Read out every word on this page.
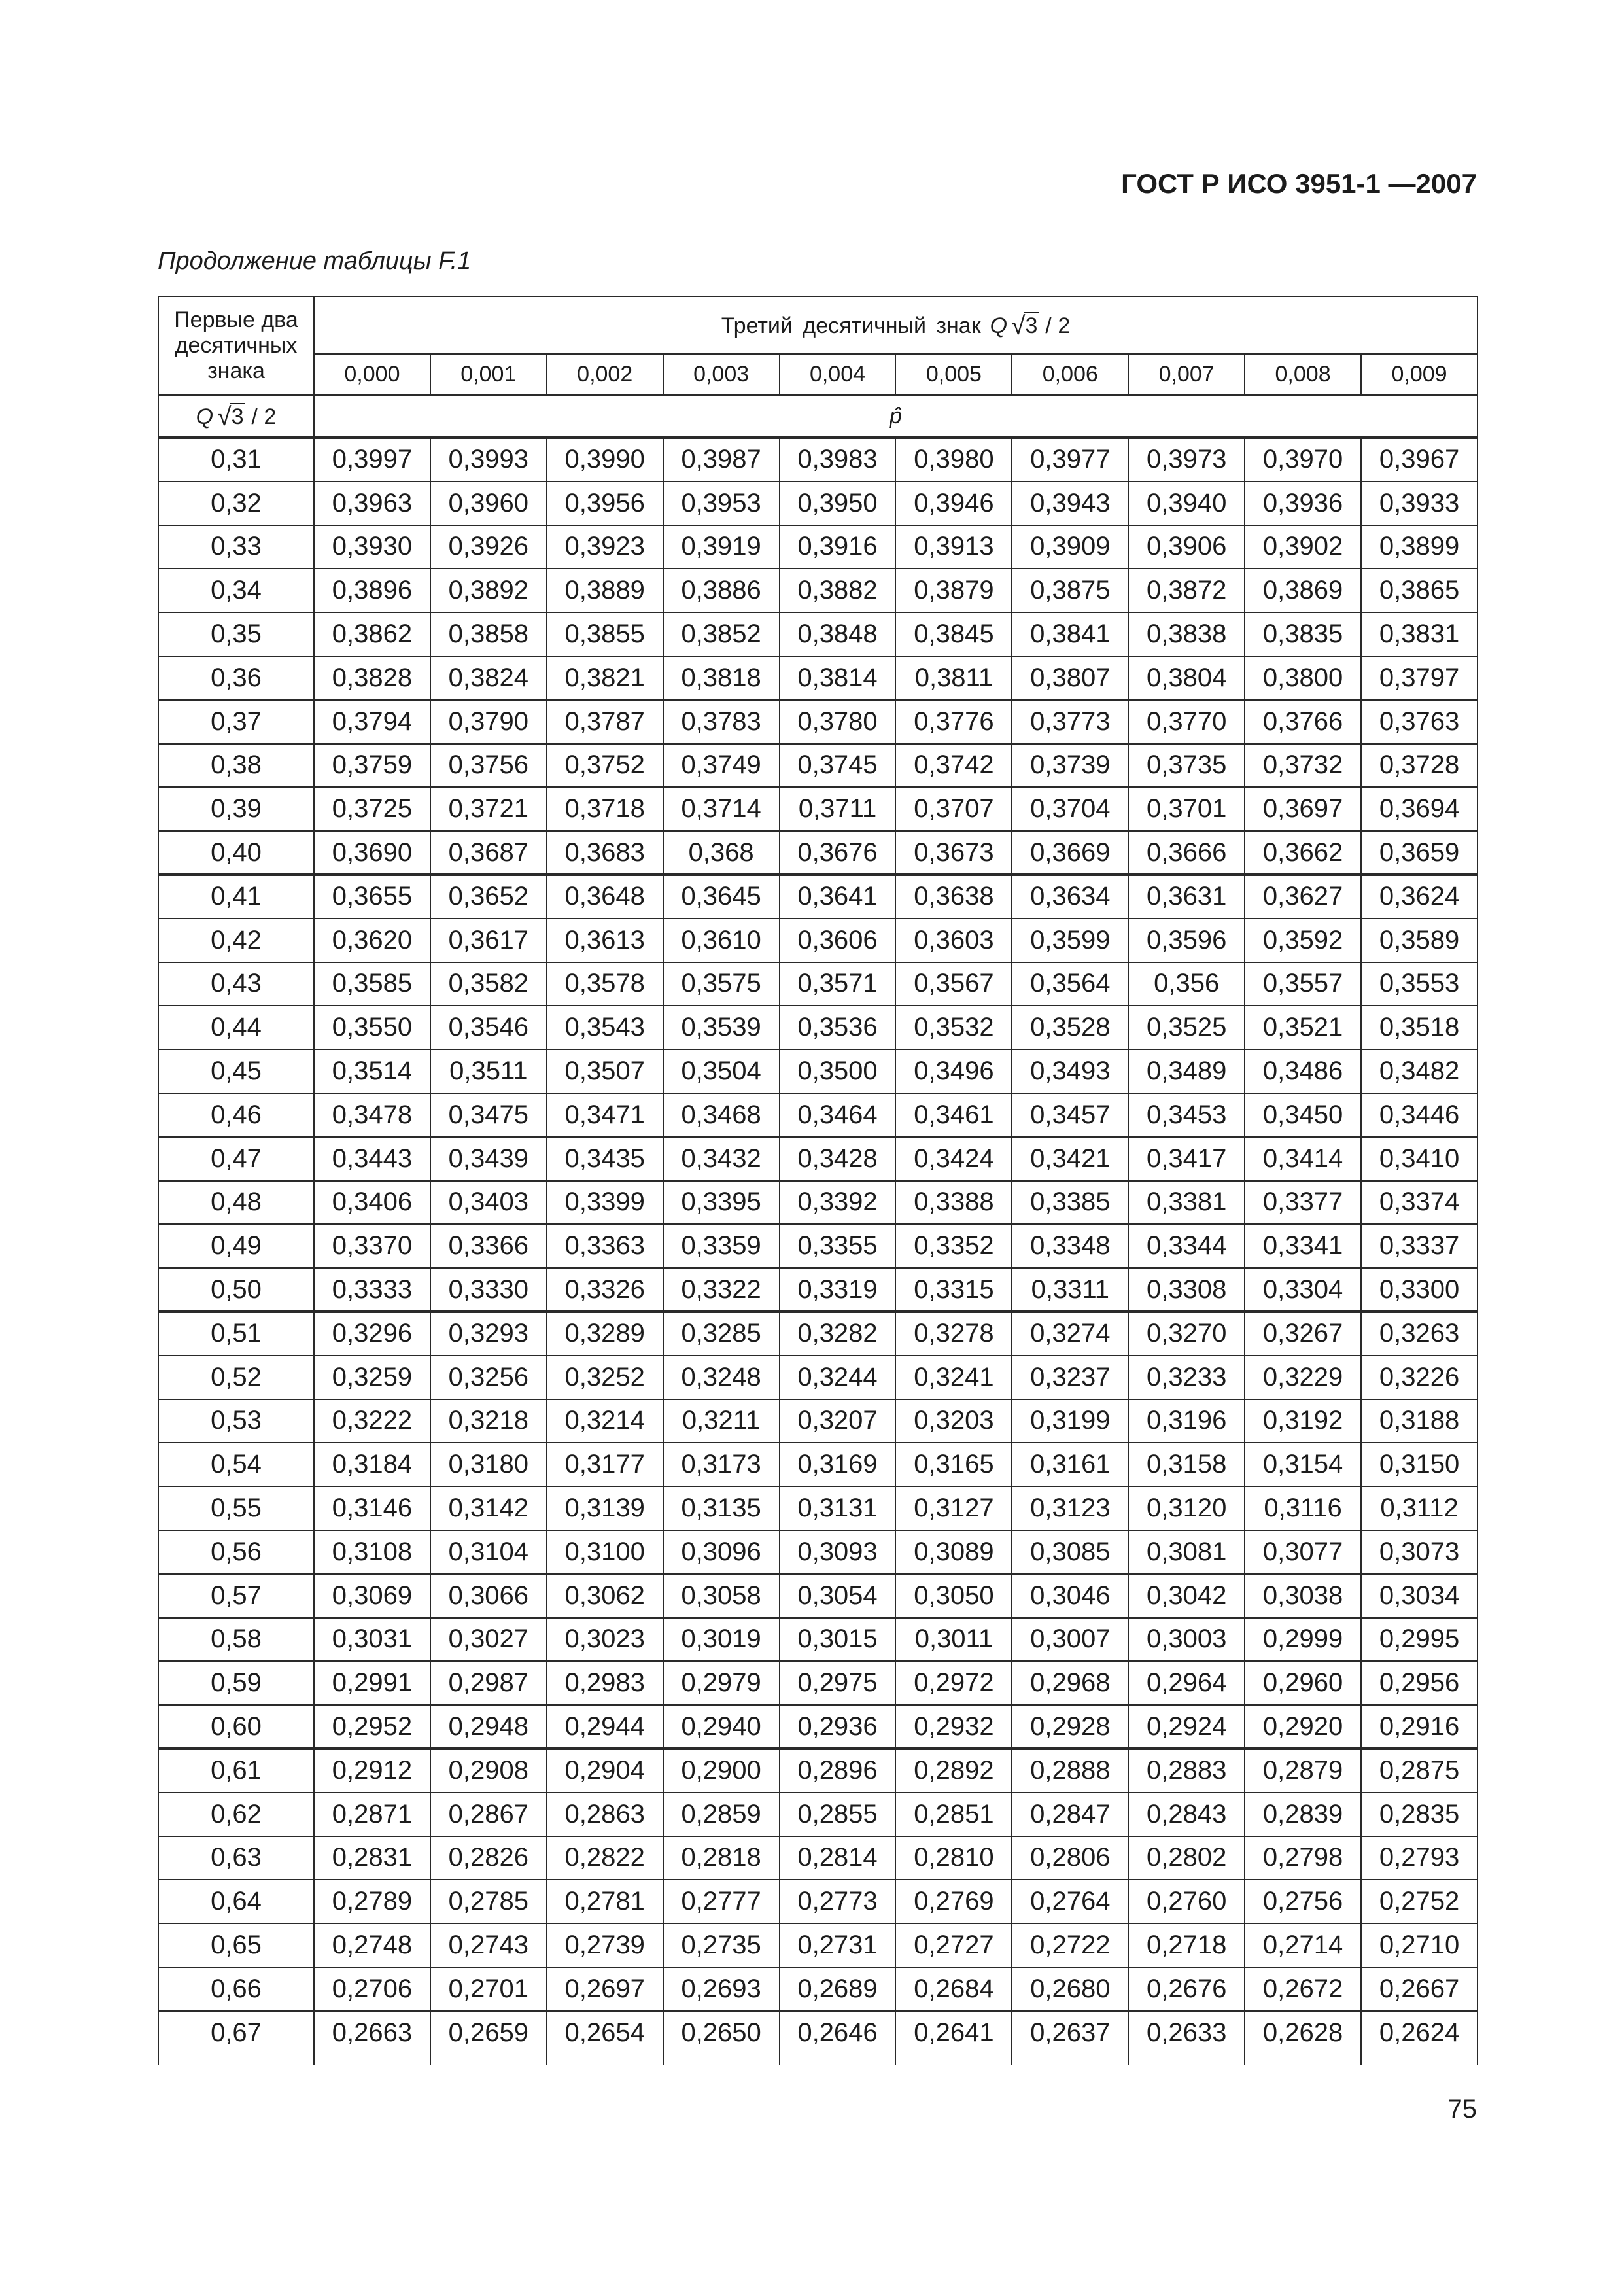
ГОСТ Р ИСО 3951-1 —2007
Продолжение таблицы F.1
Первые два десятичных знака	Третий десятичный знак Q √3 / 2									
	0,000	0,001	0,002	0,003	0,004	0,005	0,006	0,007	0,008	0,009
Q √3 / 2	p̂									
0,31	0,3997	0,3993	0,3990	0,3987	0,3983	0,3980	0,3977	0,3973	0,3970	0,3967
0,32	0,3963	0,3960	0,3956	0,3953	0,3950	0,3946	0,3943	0,3940	0,3936	0,3933
0,33	0,3930	0,3926	0,3923	0,3919	0,3916	0,3913	0,3909	0,3906	0,3902	0,3899
0,34	0,3896	0,3892	0,3889	0,3886	0,3882	0,3879	0,3875	0,3872	0,3869	0,3865
0,35	0,3862	0,3858	0,3855	0,3852	0,3848	0,3845	0,3841	0,3838	0,3835	0,3831
0,36	0,3828	0,3824	0,3821	0,3818	0,3814	0,3811	0,3807	0,3804	0,3800	0,3797
0,37	0,3794	0,3790	0,3787	0,3783	0,3780	0,3776	0,3773	0,3770	0,3766	0,3763
0,38	0,3759	0,3756	0,3752	0,3749	0,3745	0,3742	0,3739	0,3735	0,3732	0,3728
0,39	0,3725	0,3721	0,3718	0,3714	0,3711	0,3707	0,3704	0,3701	0,3697	0,3694
0,40	0,3690	0,3687	0,3683	0,368	0,3676	0,3673	0,3669	0,3666	0,3662	0,3659
0,41	0,3655	0,3652	0,3648	0,3645	0,3641	0,3638	0,3634	0,3631	0,3627	0,3624
0,42	0,3620	0,3617	0,3613	0,3610	0,3606	0,3603	0,3599	0,3596	0,3592	0,3589
0,43	0,3585	0,3582	0,3578	0,3575	0,3571	0,3567	0,3564	0,356	0,3557	0,3553
0,44	0,3550	0,3546	0,3543	0,3539	0,3536	0,3532	0,3528	0,3525	0,3521	0,3518
0,45	0,3514	0,3511	0,3507	0,3504	0,3500	0,3496	0,3493	0,3489	0,3486	0,3482
0,46	0,3478	0,3475	0,3471	0,3468	0,3464	0,3461	0,3457	0,3453	0,3450	0,3446
0,47	0,3443	0,3439	0,3435	0,3432	0,3428	0,3424	0,3421	0,3417	0,3414	0,3410
0,48	0,3406	0,3403	0,3399	0,3395	0,3392	0,3388	0,3385	0,3381	0,3377	0,3374
0,49	0,3370	0,3366	0,3363	0,3359	0,3355	0,3352	0,3348	0,3344	0,3341	0,3337
0,50	0,3333	0,3330	0,3326	0,3322	0,3319	0,3315	0,3311	0,3308	0,3304	0,3300
0,51	0,3296	0,3293	0,3289	0,3285	0,3282	0,3278	0,3274	0,3270	0,3267	0,3263
0,52	0,3259	0,3256	0,3252	0,3248	0,3244	0,3241	0,3237	0,3233	0,3229	0,3226
0,53	0,3222	0,3218	0,3214	0,3211	0,3207	0,3203	0,3199	0,3196	0,3192	0,3188
0,54	0,3184	0,3180	0,3177	0,3173	0,3169	0,3165	0,3161	0,3158	0,3154	0,3150
0,55	0,3146	0,3142	0,3139	0,3135	0,3131	0,3127	0,3123	0,3120	0,3116	0,3112
0,56	0,3108	0,3104	0,3100	0,3096	0,3093	0,3089	0,3085	0,3081	0,3077	0,3073
0,57	0,3069	0,3066	0,3062	0,3058	0,3054	0,3050	0,3046	0,3042	0,3038	0,3034
0,58	0,3031	0,3027	0,3023	0,3019	0,3015	0,3011	0,3007	0,3003	0,2999	0,2995
0,59	0,2991	0,2987	0,2983	0,2979	0,2975	0,2972	0,2968	0,2964	0,2960	0,2956
0,60	0,2952	0,2948	0,2944	0,2940	0,2936	0,2932	0,2928	0,2924	0,2920	0,2916
0,61	0,2912	0,2908	0,2904	0,2900	0,2896	0,2892	0,2888	0,2883	0,2879	0,2875
0,62	0,2871	0,2867	0,2863	0,2859	0,2855	0,2851	0,2847	0,2843	0,2839	0,2835
0,63	0,2831	0,2826	0,2822	0,2818	0,2814	0,2810	0,2806	0,2802	0,2798	0,2793
0,64	0,2789	0,2785	0,2781	0,2777	0,2773	0,2769	0,2764	0,2760	0,2756	0,2752
0,65	0,2748	0,2743	0,2739	0,2735	0,2731	0,2727	0,2722	0,2718	0,2714	0,2710
0,66	0,2706	0,2701	0,2697	0,2693	0,2689	0,2684	0,2680	0,2676	0,2672	0,2667
0,67	0,2663	0,2659	0,2654	0,2650	0,2646	0,2641	0,2637	0,2633	0,2628	0,2624

75
